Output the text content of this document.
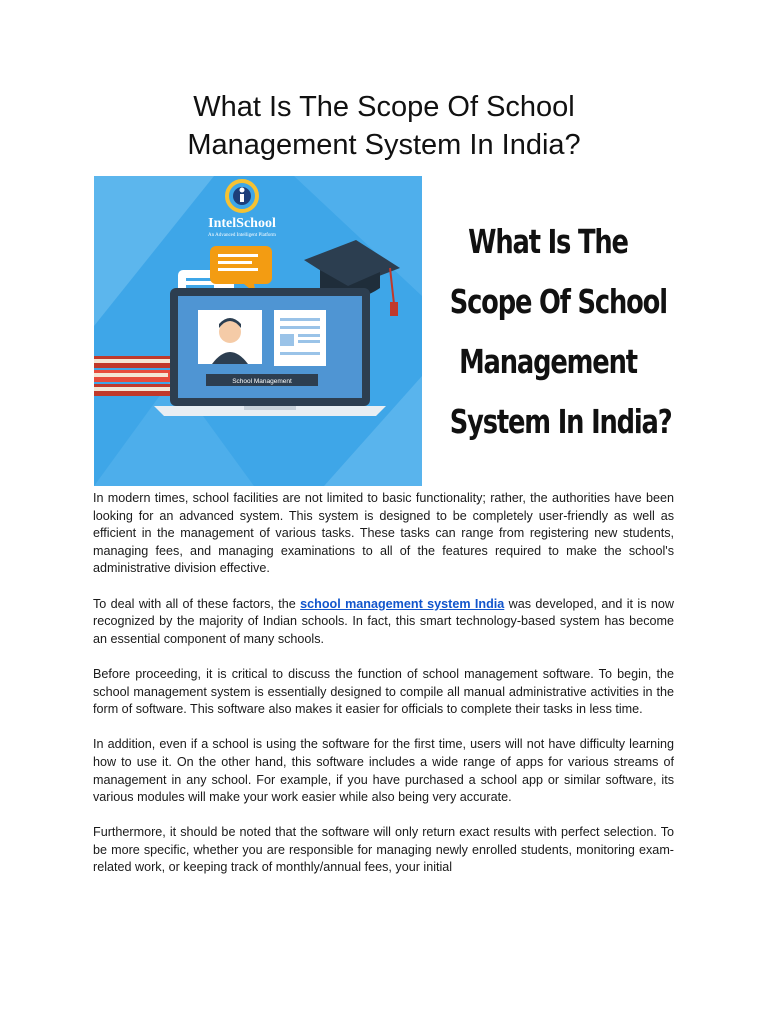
What Is The Scope Of School
Management System In India?
IntelSchool
An Advanced Intelligent Platform
School Management
What Is The
Scope Of School
Management
System In India?

In modern times, school facilities are not limited to basic functionality; rather, the authorities have been looking for an advanced system. This system is designed to be completely user-friendly as well as efficient in the management of various tasks. These tasks can range from registering new students, managing fees, and managing examinations to all of the features required to make the school's administrative division effective.

To deal with all of these factors, the school management system India was developed, and it is now recognized by the majority of Indian schools. In fact, this smart technology-based system has become an essential component of many schools.

Before proceeding, it is critical to discuss the function of school management software. To begin, the school management system is essentially designed to compile all manual administrative activities in the form of software. This software also makes it easier for officials to complete their tasks in less time.

In addition, even if a school is using the software for the first time, users will not have difficulty learning how to use it. On the other hand, this software includes a wide range of apps for various streams of management in any school. For example, if you have purchased a school app or similar software, its various modules will make your work easier while also being very accurate.

Furthermore, it should be noted that the software will only return exact results with perfect selection. To be more specific, whether you are responsible for managing newly enrolled students, monitoring exam-related work, or keeping track of monthly/annual fees, your initial
